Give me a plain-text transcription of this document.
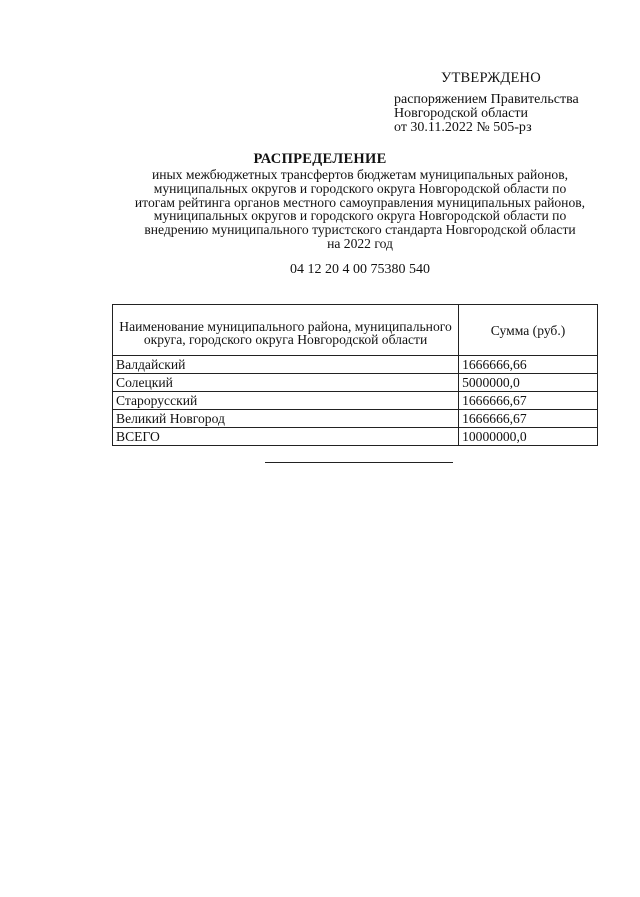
УТВЕРЖДЕНО
распоряжением Правительства
Новгородской области
от 30.11.2022 № 505-рз
РАСПРЕДЕЛЕНИЕ
иных межбюджетных трансфертов бюджетам муниципальных районов,
муниципальных округов и городского округа Новгородской области по
итогам рейтинга органов местного самоуправления муниципальных районов,
муниципальных округов и городского округа Новгородской области по
внедрению муниципального туристского стандарта Новгородской области
на 2022 год
04 12 20 4 00 75380 540
Наименование муниципального района, муниципального округа, городского округа Новгородской области	Сумма (руб.)
Валдайский	1666666,66
Солецкий	5000000,0
Старорусский	1666666,67
Великий Новгород	1666666,67
ВСЕГО	10000000,0
